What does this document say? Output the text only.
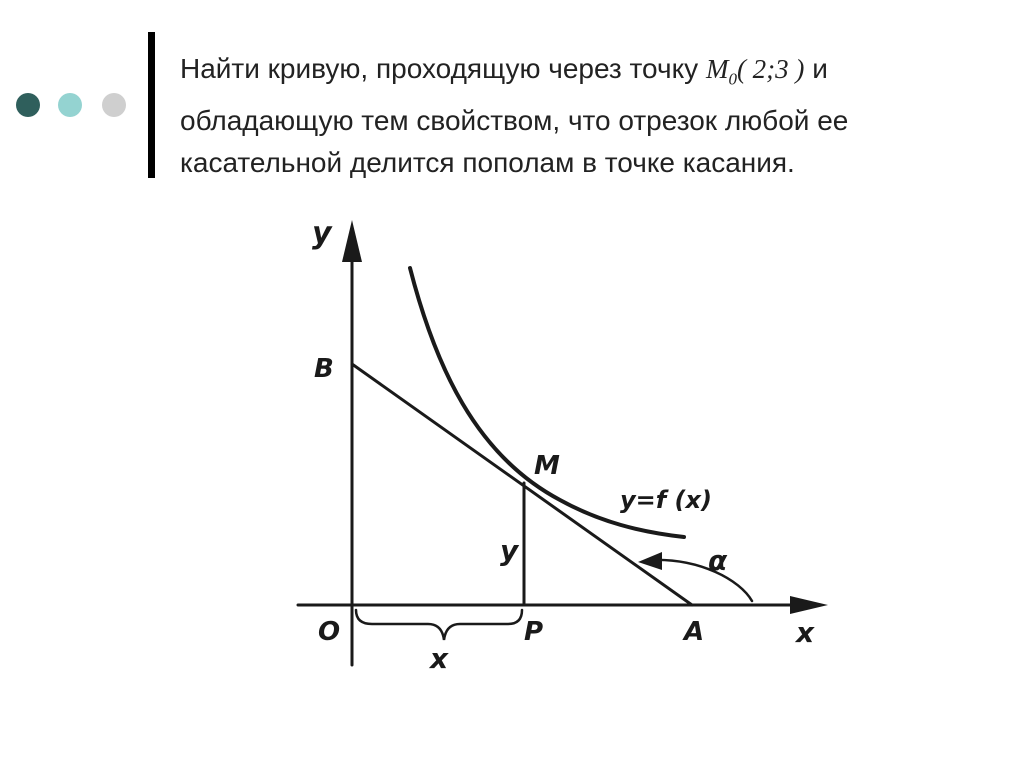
Найти кривую, проходящую через точку $M_0$( 2;3 ) и
обладающую тем свойством, что отрезок любой ее
касательной делится пополам в точке касания.

y
B
M
y=f (x)
y	α
O	P	A	x
x
